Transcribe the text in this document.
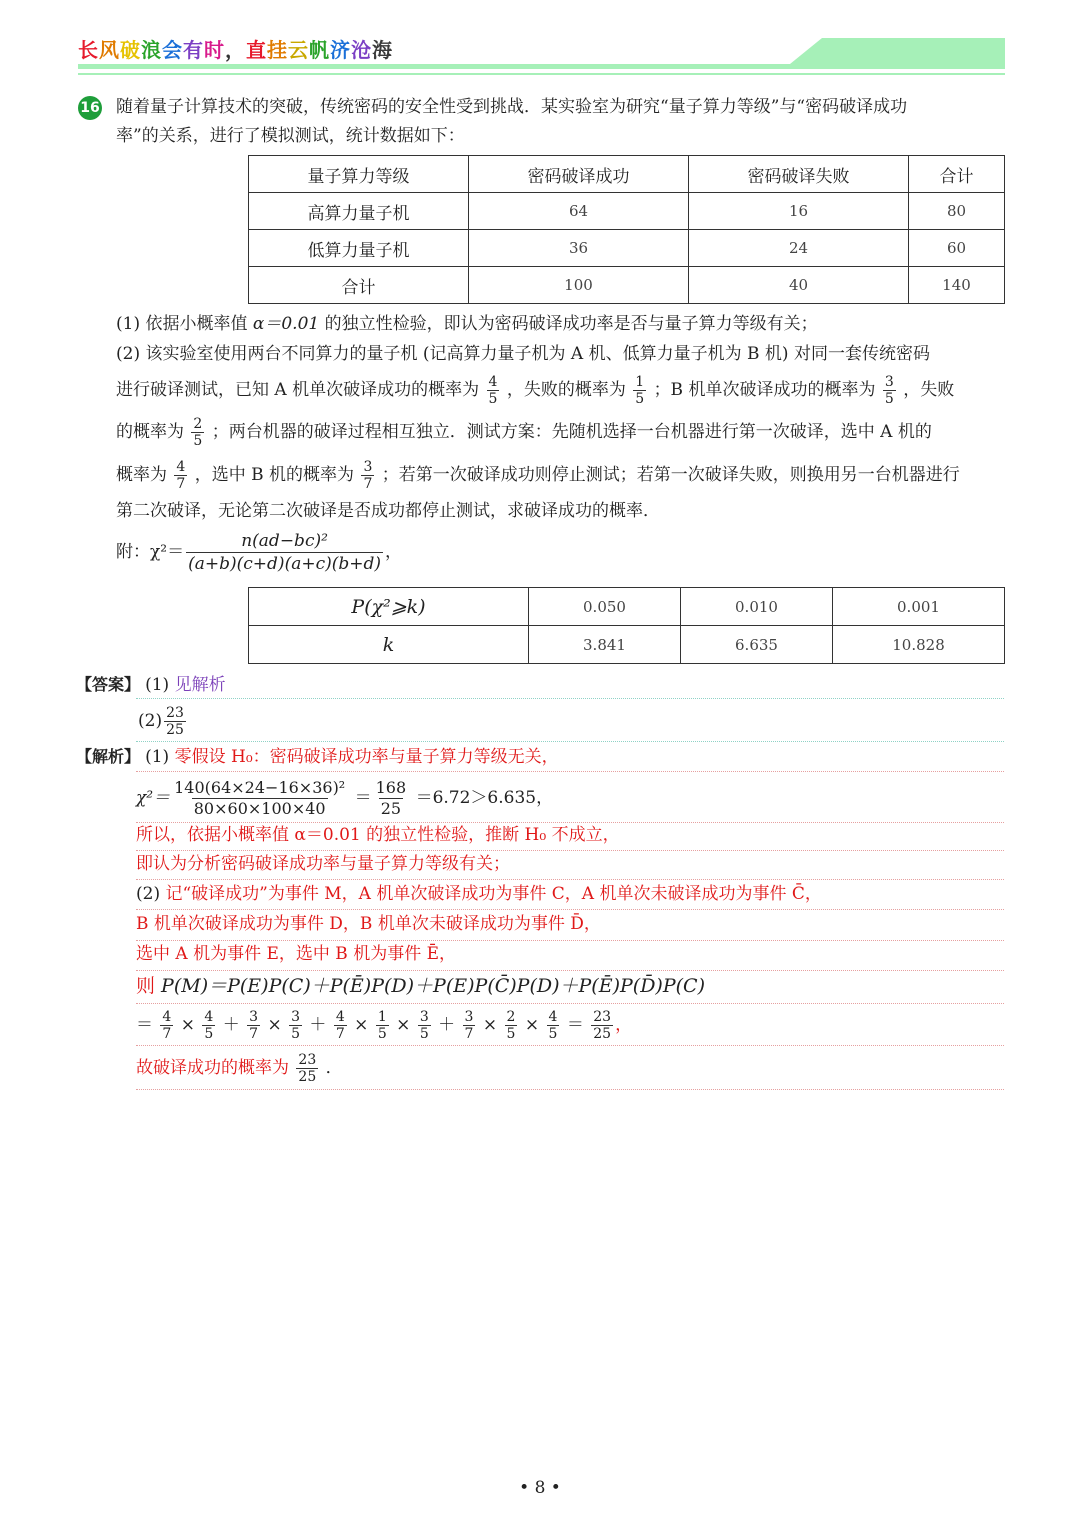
长风破浪会有时，直挂云帆济沧海
16 随着量子计算技术的突破，传统密码的安全性受到挑战．某实验室为研究“量子算力等级”与“密码破译成功
率”的关系，进行了模拟测试，统计数据如下：
量子算力等级	密码破译成功	密码破译失败	合计
高算力量子机	64	16	80
低算力量子机	36	24	60
合计	100	40	140
(1) 依据小概率值 α＝0.01 的独立性检验，即认为密码破译成功率是否与量子算力等级有关；
(2) 该实验室使用两台不同算力的量子机 (记高算力量子机为 A 机、低算力量子机为 B 机) 对同一套传统密码
进行破译测试，已知 A 机单次破译成功的概率为 $\frac{4}{5}$ ，失败的概率为 $\frac{1}{5}$ ；B 机单次破译成功的概率为 $\frac{3}{5}$ ，失败
的概率为 $\frac{2}{5}$ ；两台机器的破译过程相互独立．测试方案：先随机选择一台机器进行第一次破译，选中 A 机的
概率为 $\frac{4}{7}$ ，选中 B 机的概率为 $\frac{3}{7}$ ；若第一次破译成功则停止测试；若第一次破译失败，则换用另一台机器进行
第二次破译，无论第二次破译是否成功都停止测试，求破译成功的概率．
附：$\chi^2= \frac{\text{n(ad−bc)²}}{(a+b)(c+d)(a+c)(b+d)}$ ，
P(χ²⩾k)	0.050	0.010	0.001
k	3.841	6.635	10.828
【答案】 (1) 见解析
$(2) \frac{23}{25}$
【解析】 (1) 零假设 H₀：密码破译成功率与量子算力等级无关，
$\chi^2= \frac{\text{140(64×24−16×36)²}}{80\times 60\times 100\times 40} = \frac{168}{25} =6.72>6.635$，
所以，依据小概率值 α＝0.01 的独立性检验，推断 H₀ 不成立，
即认为分析密码破译成功率与量子算力等级有关；
(2) 记“破译成功”为事件 M，A 机单次破译成功为事件 C，A 机单次未破译成功为事件 C̄，
B 机单次破译成功为事件 D，B 机单次未破译成功为事件 D̄，
选中 A 机为事件 E，选中 B 机为事件 Ē，
则 P(M)＝P(E)P(C)＋P(Ē)P(D)＋P(E)P(C̄)P(D)＋P(Ē)P(D̄)P(C)
＝ $\frac{4}{7} \times \frac{4}{5} + \frac{3}{7} \times \frac{3}{5} + \frac{4}{7} \times \frac{1}{5} \times \frac{3}{5} + \frac{3}{7} \times \frac{2}{5} \times \frac{4}{5} = \frac{23}{25}$ ，
故破译成功的概率为 $\frac{23}{25}$ ．
• 8 •
